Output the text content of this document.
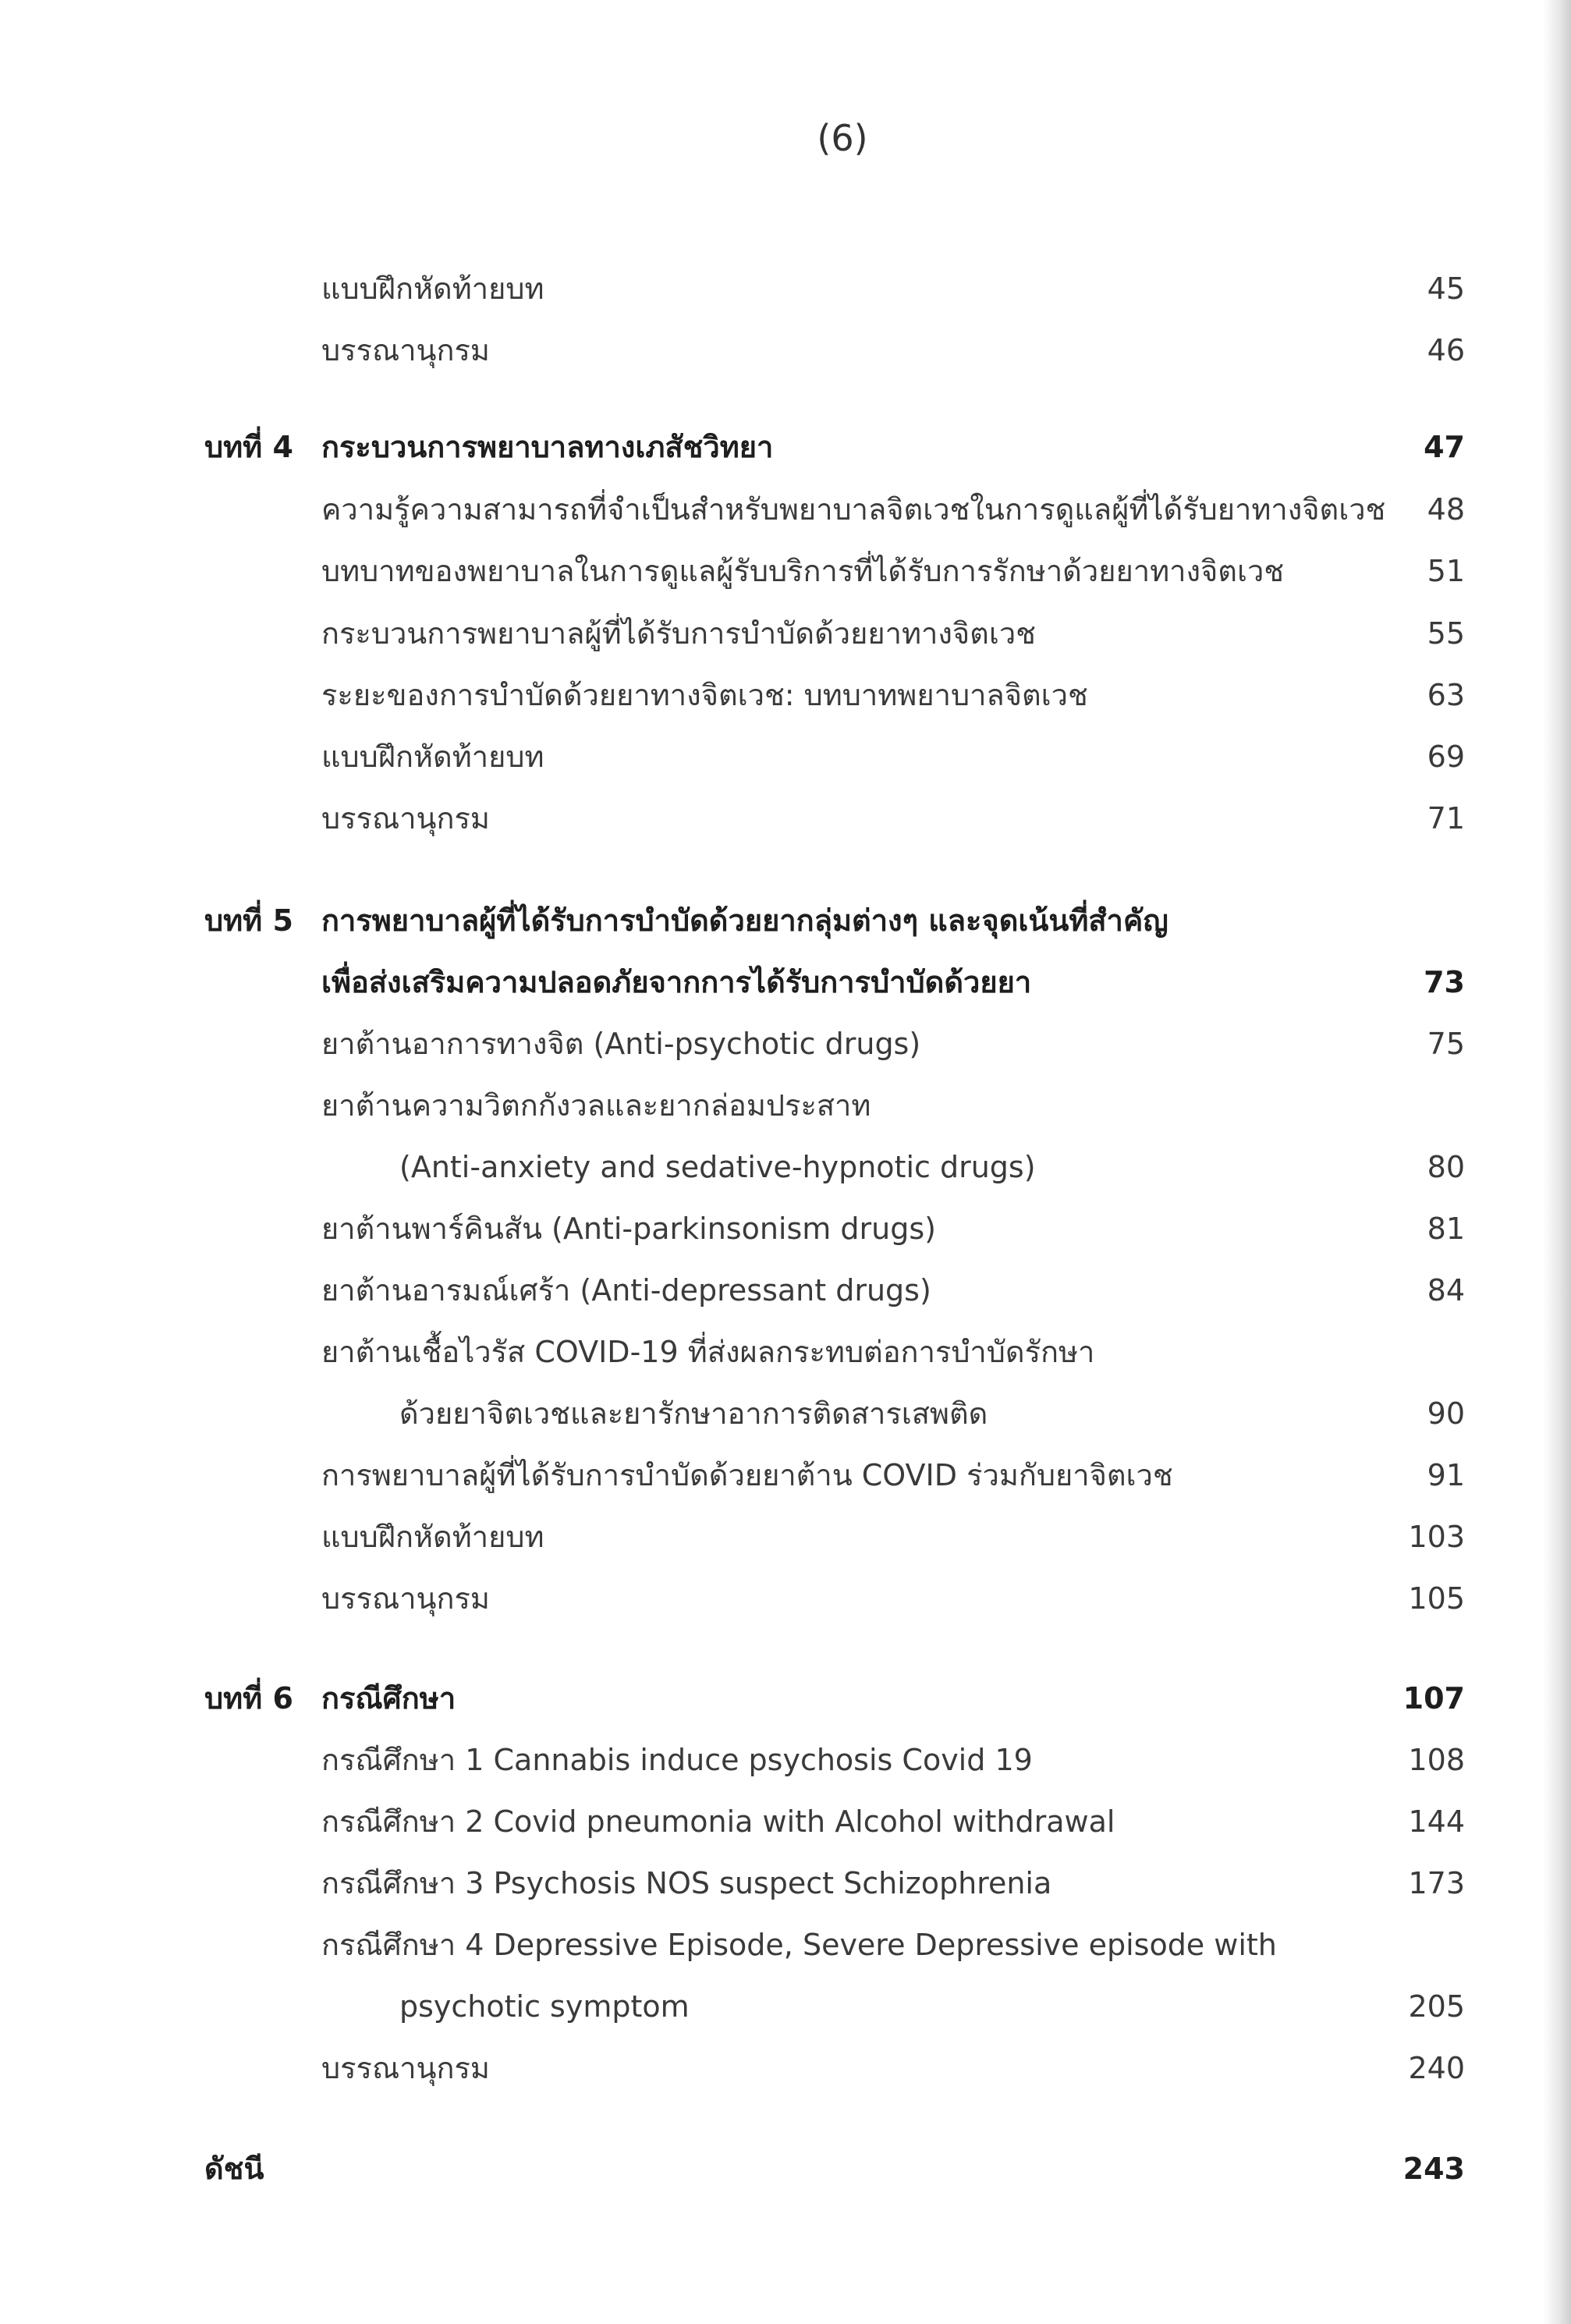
(6)
แบบฝึกหัดท้ายบท	45
บรรณานุกรม	46
บทที่ 4 กระบวนการพยาบาลทางเภสัชวิทยา	47
ความรู้ความสามารถที่จำเป็นสำหรับพยาบาลจิตเวชในการดูแลผู้ที่ได้รับยาทางจิตเวช 48
บทบาทของพยาบาลในการดูแลผู้รับบริการที่ได้รับการรักษาด้วยยาทางจิตเวช	51
กระบวนการพยาบาลผู้ที่ได้รับการบำบัดด้วยยาทางจิตเวช	55
ระยะของการบำบัดด้วยยาทางจิตเวช: บทบาทพยาบาลจิตเวช	63
แบบฝึกหัดท้ายบท	69
บรรณานุกรม	71
บทที่ 5 การพยาบาลผู้ที่ได้รับการบำบัดด้วยยากลุ่มต่างๆ และจุดเน้นที่สำคัญ
เพื่อส่งเสริมความปลอดภัยจากการได้รับการบำบัดด้วยยา	73
ยาต้านอาการทางจิต (Anti-psychotic drugs)	75
ยาต้านความวิตกกังวลและยากล่อมประสาท
(Anti-anxiety and sedative-hypnotic drugs)	80
ยาต้านพาร์คินสัน (Anti-parkinsonism drugs)	81
ยาต้านอารมณ์เศร้า (Anti-depressant drugs)	84
ยาต้านเชื้อไวรัส COVID-19 ที่ส่งผลกระทบต่อการบำบัดรักษา
ด้วยยาจิตเวชและยารักษาอาการติดสารเสพติด	90
การพยาบาลผู้ที่ได้รับการบำบัดด้วยยาต้าน COVID ร่วมกับยาจิตเวช	91
แบบฝึกหัดท้ายบท	103
บรรณานุกรม	105
บทที่ 6 กรณีศึกษา	107
กรณีศึกษา 1 Cannabis induce psychosis Covid 19	108
กรณีศึกษา 2 Covid pneumonia with Alcohol withdrawal	144
กรณีศึกษา 3 Psychosis NOS suspect Schizophrenia	173
กรณีศึกษา 4 Depressive Episode, Severe Depressive episode with
psychotic symptom	205
บรรณานุกรม	240
ดัชนี	243
